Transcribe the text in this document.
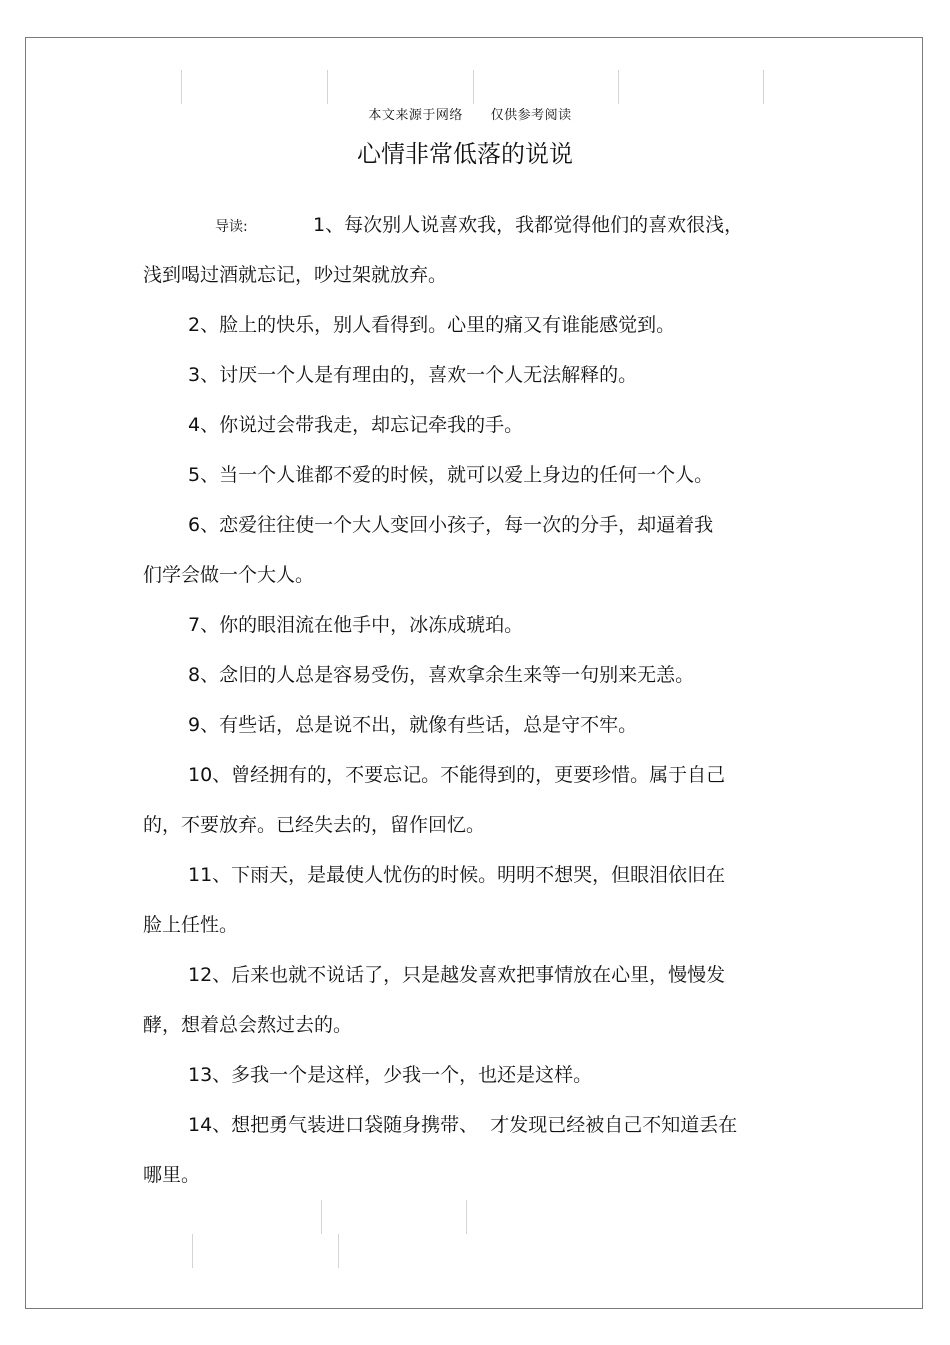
本文来源于网络 仅供参考阅读
心情非常低落的说说
导读:	1、每次别人说喜欢我，我都觉得他们的喜欢很浅，
浅到喝过酒就忘记，吵过架就放弃。
2、脸上的快乐，别人看得到。心里的痛又有谁能感觉到。
3、讨厌一个人是有理由的，喜欢一个人无法解释的。
4、你说过会带我走，却忘记牵我的手。
5、当一个人谁都不爱的时候，就可以爱上身边的任何一个人。
6、恋爱往往使一个大人变回小孩子，每一次的分手，却逼着我
们学会做一个大人。
7、你的眼泪流在他手中，冰冻成琥珀。
8、念旧的人总是容易受伤，喜欢拿余生来等一句别来无恙。
9、有些话，总是说不出，就像有些话，总是守不牢。
10、曾经拥有的，不要忘记。不能得到的，更要珍惜。属于自己
的，不要放弃。已经失去的，留作回忆。
11、下雨天，是最使人忧伤的时候。明明不想哭，但眼泪依旧在
脸上任性。
12、后来也就不说话了，只是越发喜欢把事情放在心里，慢慢发
酵，想着总会熬过去的。
13、多我一个是这样，少我一个，也还是这样。
14、想把勇气装进口袋随身携带、  才发现已经被自己不知道丢在
哪里。
